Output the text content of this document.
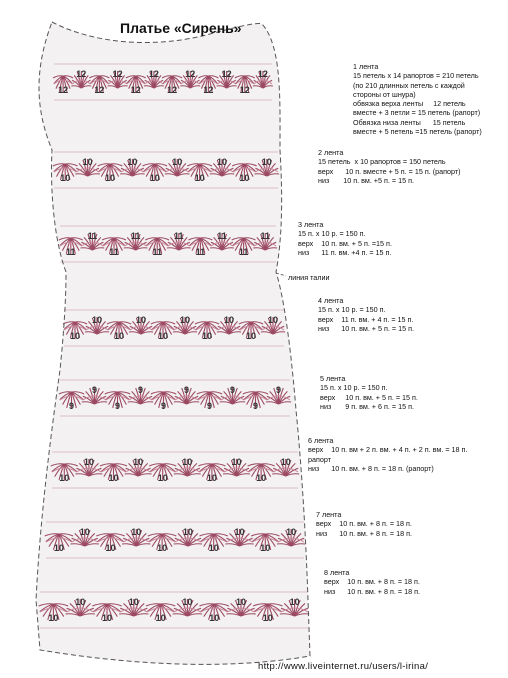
12
12
12
12
12
12
12
12
12
12
12
12
10
10
10
10
10
10
10
10
10
10
11
11
11
11
11
11
11
11
11
11
10
10
10
10
10
10
10
10
10
10
9
9
9
9
9
9
9
9
9
9
10
10
10
10
10
10
10
10
10
10
10
10
10
10
10
10
10
10
10
10
10
10
10
10
10
10
10
10
10
10
Платье «Сирень»
1 лента
15 петель х 14 рапортов = 210 петель
(по 210 длинных петель с каждой
стороны от шнура)
обвязка верха ленты     12 петель
вместе + 3 петли = 15 петель (рапорт)
Обвязка низа ленты      15 петель
вместе + 5 петель =15 петель (рапорт)
2 лента
15 петель  х 10 рапортов = 150 петель
верх      10 п. вместе + 5 п. = 15 п. (рапорт)
низ       10 п. вм. +5 п. = 15 п.
3 лента
15 п. х 10 р. = 150 п.
верх    10 п. вм. + 5 п. =15 п.
низ      11 п. вм. +4 п. = 15 п.
4 лента
15 п. х 10 р. = 150 п.
верх    11 п. вм. + 4 п. = 15 п.
низ      10 п. вм. + 5 п. = 15 п.
5 лента
15 п. х 10 р. = 150 п.
верх     10 п. вм. + 5 п. = 15 п.
низ       9 п. вм. + 6 п. = 15 п.
6 лента
верх    10 п. вм + 2 п. вм. + 4 п. + 2 п. вм. = 18 п.
рапорт
низ      10 п. вм. + 8 п. = 18 п. (рапорт)
7 лента
верх    10 п. вм. + 8 п. = 18 п.
низ      10 п. вм. + 8 п. = 18 п.
8 лента
верх    10 п. вм. + 8 п. = 18 п.
низ      10 п. вм. + 8 п. = 18 п.
линия талии
http://www.liveinternet.ru/users/l-irina/
